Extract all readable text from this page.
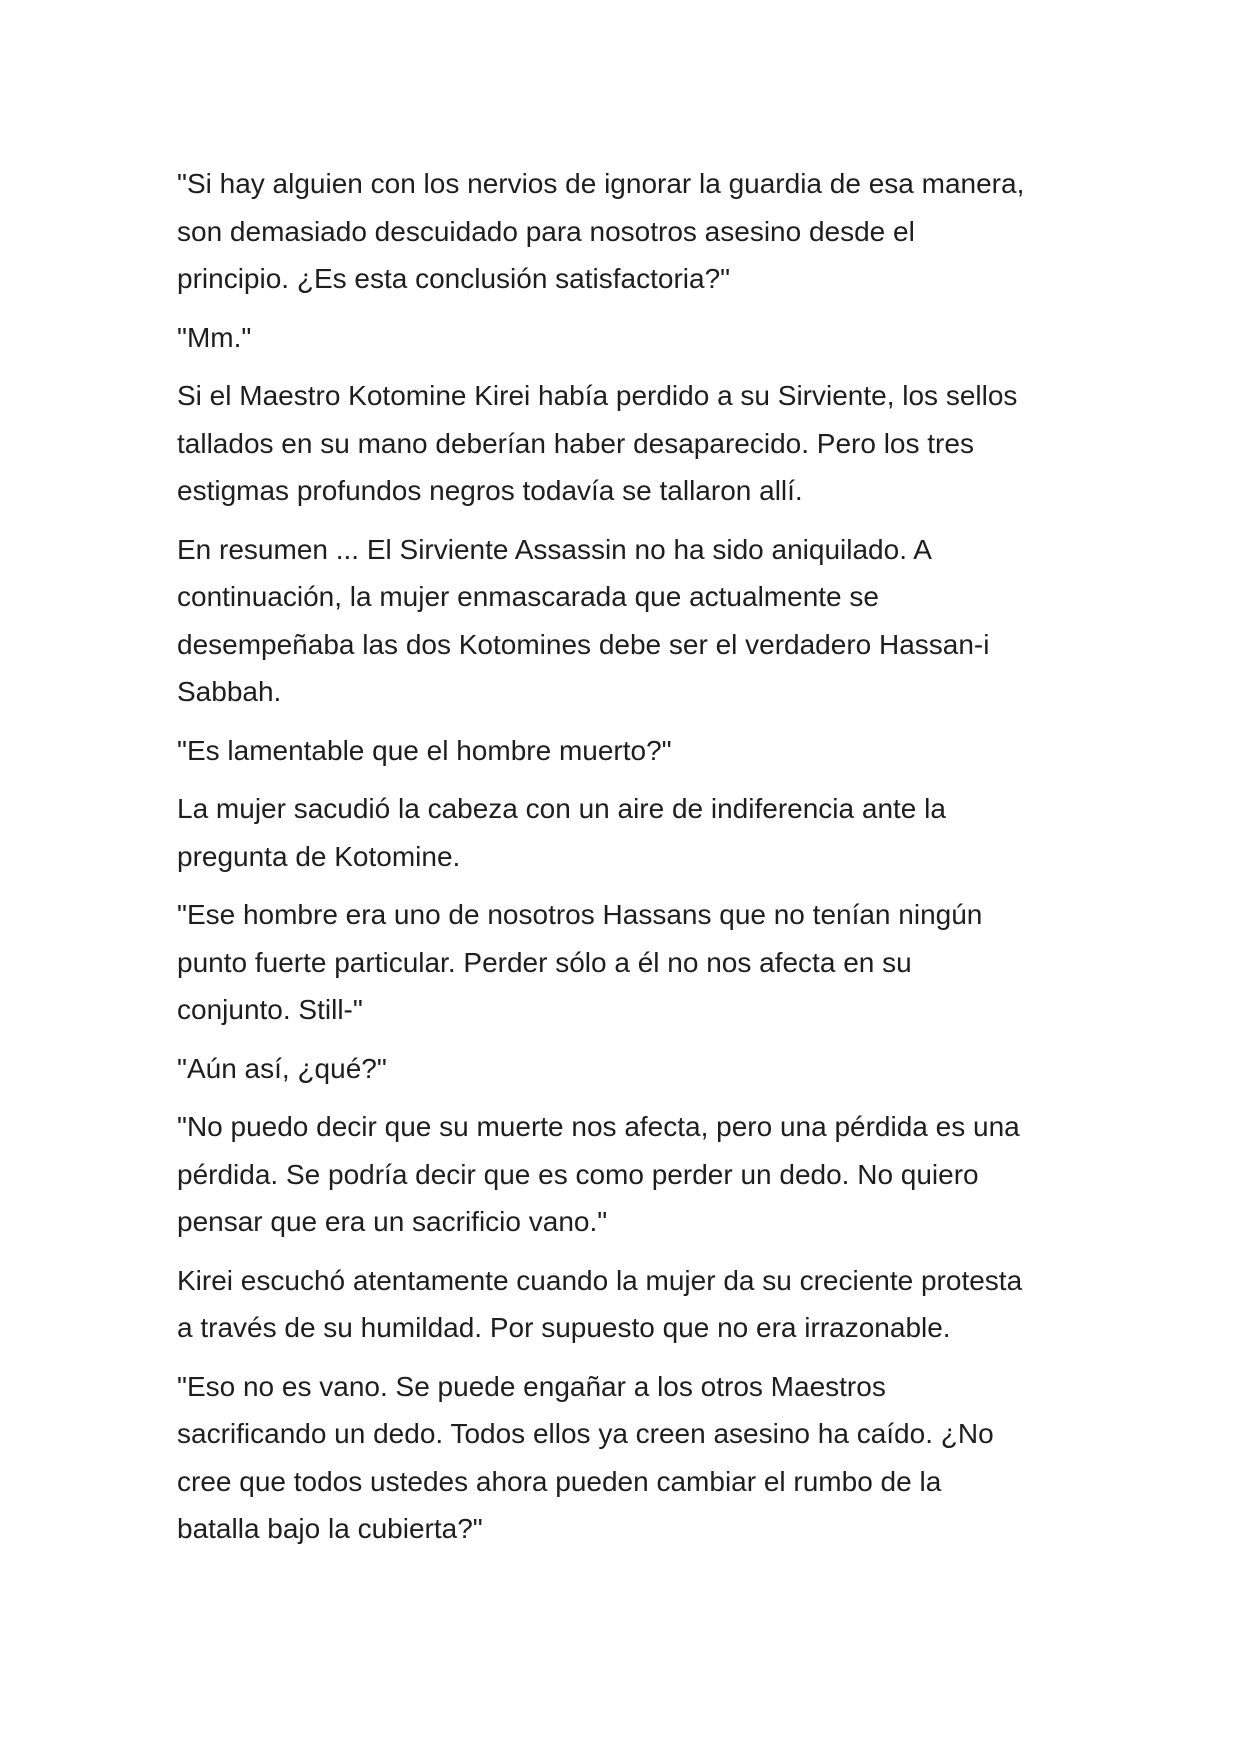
"Si hay alguien con los nervios de ignorar la guardia de esa manera,
son demasiado descuidado para nosotros asesino desde el
principio. ¿Es esta conclusión satisfactoria?"

"Mm."

Si el Maestro Kotomine Kirei había perdido a su Sirviente, los sellos
tallados en su mano deberían haber desaparecido. Pero los tres
estigmas profundos negros todavía se tallaron allí.

En resumen ... El Sirviente Assassin no ha sido aniquilado. A
continuación, la mujer enmascarada que actualmente se
desempeñaba las dos Kotomines debe ser el verdadero Hassan-i
Sabbah.

"Es lamentable que el hombre muerto?"

La mujer sacudió la cabeza con un aire de indiferencia ante la
pregunta de Kotomine.

"Ese hombre era uno de nosotros Hassans que no tenían ningún
punto fuerte particular. Perder sólo a él no nos afecta en su
conjunto. Still-"

"Aún así, ¿qué?"

"No puedo decir que su muerte nos afecta, pero una pérdida es una
pérdida. Se podría decir que es como perder un dedo. No quiero
pensar que era un sacrificio vano."

Kirei escuchó atentamente cuando la mujer da su creciente protesta
a través de su humildad. Por supuesto que no era irrazonable.

"Eso no es vano. Se puede engañar a los otros Maestros
sacrificando un dedo. Todos ellos ya creen asesino ha caído. ¿No
cree que todos ustedes ahora pueden cambiar el rumbo de la
batalla bajo la cubierta?"
